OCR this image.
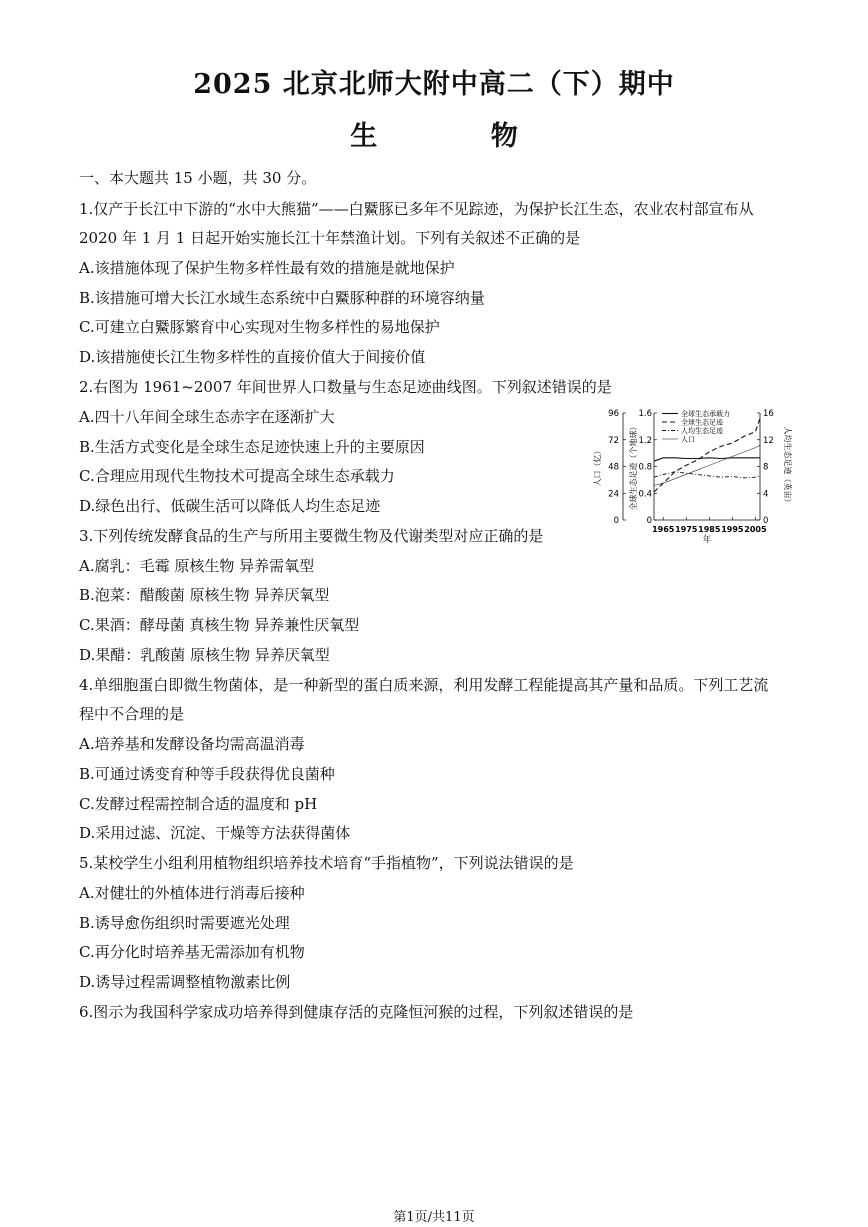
2025 北京北师大附中高二（下）期中
生 物
一、本大题共 15 小题，共 30 分。
1.仅产于长江中下游的“水中大熊猫”——白鱀豚已多年不见踪迹，为保护长江生态，农业农村部宣布从
2020 年 1 月 1 日起开始实施长江十年禁渔计划。下列有关叙述不正确的是
A.该措施体现了保护生物多样性最有效的措施是就地保护
B.该措施可增大长江水域生态系统中白鱀豚种群的环境容纳量
C.可建立白鱀豚繁育中心实现对生物多样性的易地保护
D.该措施使长江生物多样性的直接价值大于间接价值
2.右图为 1961~2007 年间世界人口数量与生态足迹曲线图。下列叙述错误的是
A.四十八年间全球生态赤字在逐渐扩大
B.生活方式变化是全球生态足迹快速上升的主要原因
C.合理应用现代生物技术可提高全球生态承载力
D.绿色出行、低碳生活可以降低人均生态足迹
3.下列传统发酵食品的生产与所用主要微生物及代谢类型对应正确的是
A.腐乳：毛霉 原核生物 异养需氧型
B.泡菜：醋酸菌 原核生物 异养厌氧型
C.果酒：酵母菌 真核生物 异养兼性厌氧型
D.果醋：乳酸菌 原核生物 异养厌氧型
4.单细胞蛋白即微生物菌体，是一种新型的蛋白质来源，利用发酵工程能提高其产量和品质。下列工艺流
程中不合理的是
A.培养基和发酵设备均需高温消毒
B.可通过诱变育种等手段获得优良菌种
C.发酵过程需控制合适的温度和 pH
D.采用过滤、沉淀、干燥等方法获得菌体
5.某校学生小组利用植物组织培养技术培育“手指植物”，下列说法错误的是
A.对健壮的外植体进行消毒后接种
B.诱导愈伤组织时需要遮光处理
C.再分化时培养基无需添加有机物
D.诱导过程需调整植物激素比例
6.图示为我国科学家成功培养得到健康存活的克隆恒河猴的过程，下列叙述错误的是
0
24
48
72
96
0
0.4
0.8
1.2
1.6
0
4
8
12
16
1965 1975 1985 1995 2005
年
人口（亿）	全球生态足迹（个地球）	人均生态足迹（英亩）
全球生态承载力
全球生态足迹
人均生态足迹
人口
第1页/共11页
